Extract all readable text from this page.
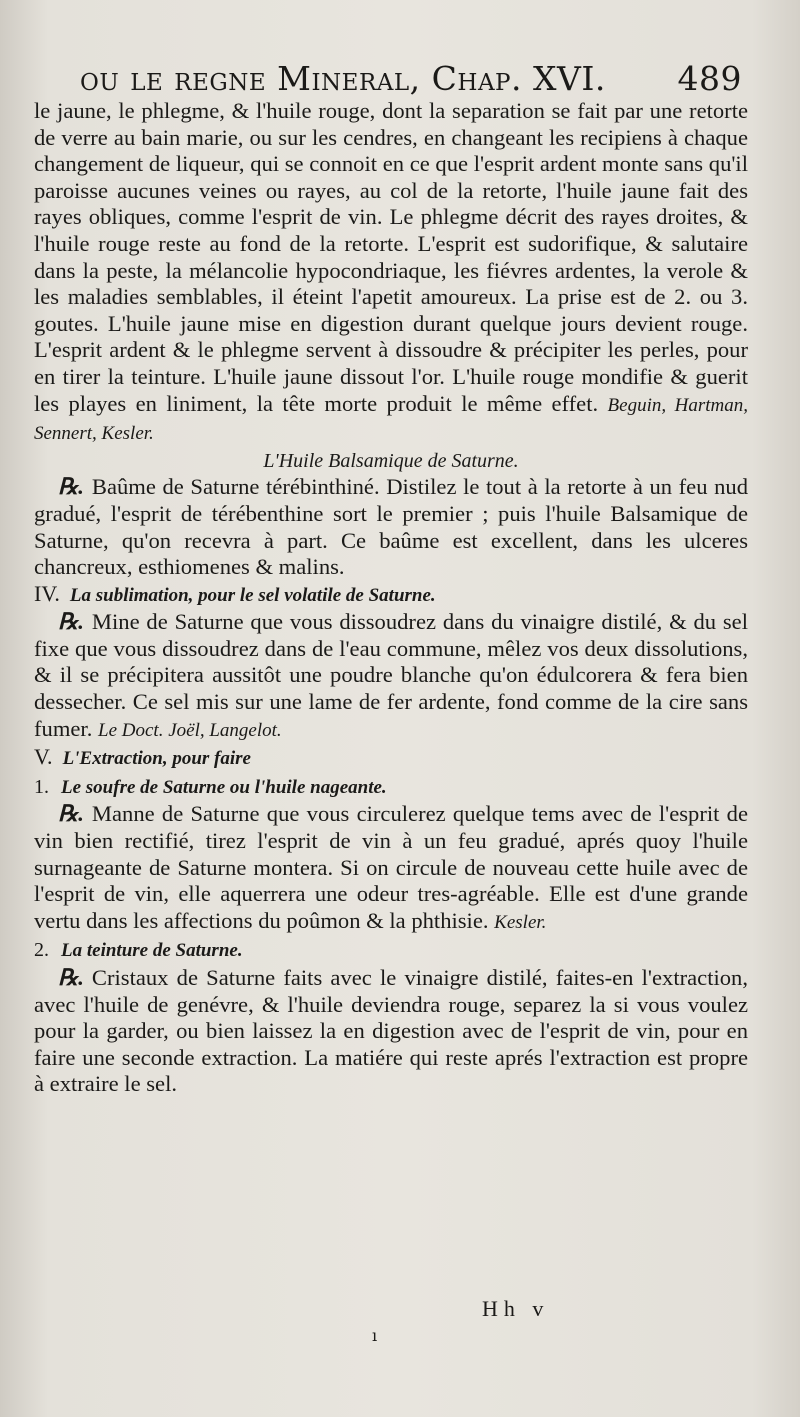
ou le regne Mineral, Chap. XVI. 489

le jaune, le phlegme, & l'huile rouge, dont la separation se fait par une retorte de verre au bain marie, ou sur les cendres, en changeant les recipiens à chaque changement de liqueur, qui se connoit en ce que l'esprit ardent monte sans qu'il paroisse aucunes veines ou rayes, au col de la retorte, l'huile jaune fait des rayes obliques, comme l'esprit de vin. Le phlegme décrit des rayes droites, & l'huile rouge reste au fond de la retorte. L'esprit est sudorifique, & salutaire dans la peste, la mélancolie hypocondriaque, les fiévres ardentes, la verole & les maladies semblables, il éteint l'apetit amoureux. La prise est de 2. ou 3. goutes. L'huile jaune mise en digestion durant quelque jours devient rouge. L'esprit ardent & le phlegme servent à dissoudre & précipiter les perles, pour en tirer la teinture. L'huile jaune dissout l'or. L'huile rouge mondifie & guerit les playes en liniment, la tête morte produit le même effet. Beguin, Hartman, Sennert, Kesler.

L'Huile Balsamique de Saturne.

℞. Baûme de Saturne térébinthiné. Distilez le tout à la retorte à un feu nud gradué, l'esprit de térébenthine sort le premier ; puis l'huile Balsamique de Saturne, qu'on recevra à part. Ce baûme est excellent, dans les ulceres chancreux, esthiomenes & malins.

IV. La sublimation, pour le sel volatile de Saturne.

℞. Mine de Saturne que vous dissoudrez dans du vinaigre distilé, & du sel fixe que vous dissoudrez dans de l'eau commune, mêlez vos deux dissolutions, & il se précipitera aussitôt une poudre blanche qu'on édulcorera & fera bien dessecher. Ce sel mis sur une lame de fer ardente, fond comme de la cire sans fumer. Le Doct. Joël, Langelot.

V. L'Extraction, pour faire

1. Le soufre de Saturne ou l'huile nageante.

℞. Manne de Saturne que vous circulerez quelque tems avec de l'esprit de vin bien rectifié, tirez l'esprit de vin à un feu gradué, aprés quoy l'huile surnageante de Saturne montera. Si on circule de nouveau cette huile avec de l'esprit de vin, elle aquerrera une odeur tres-agréable. Elle est d'une grande vertu dans les affections du poûmon & la phthisie. Kesler.

2. La teinture de Saturne.

℞. Cristaux de Saturne faits avec le vinaigre distilé, faites-en l'extraction, avec l'huile de genévre, & l'huile deviendra rouge, separez la si vous voulez pour la garder, ou bien laissez la en digestion avec de l'esprit de vin, pour en faire une seconde extraction. La matiére qui reste aprés l'extraction est propre à extraire le sel.

Hh v
ı
